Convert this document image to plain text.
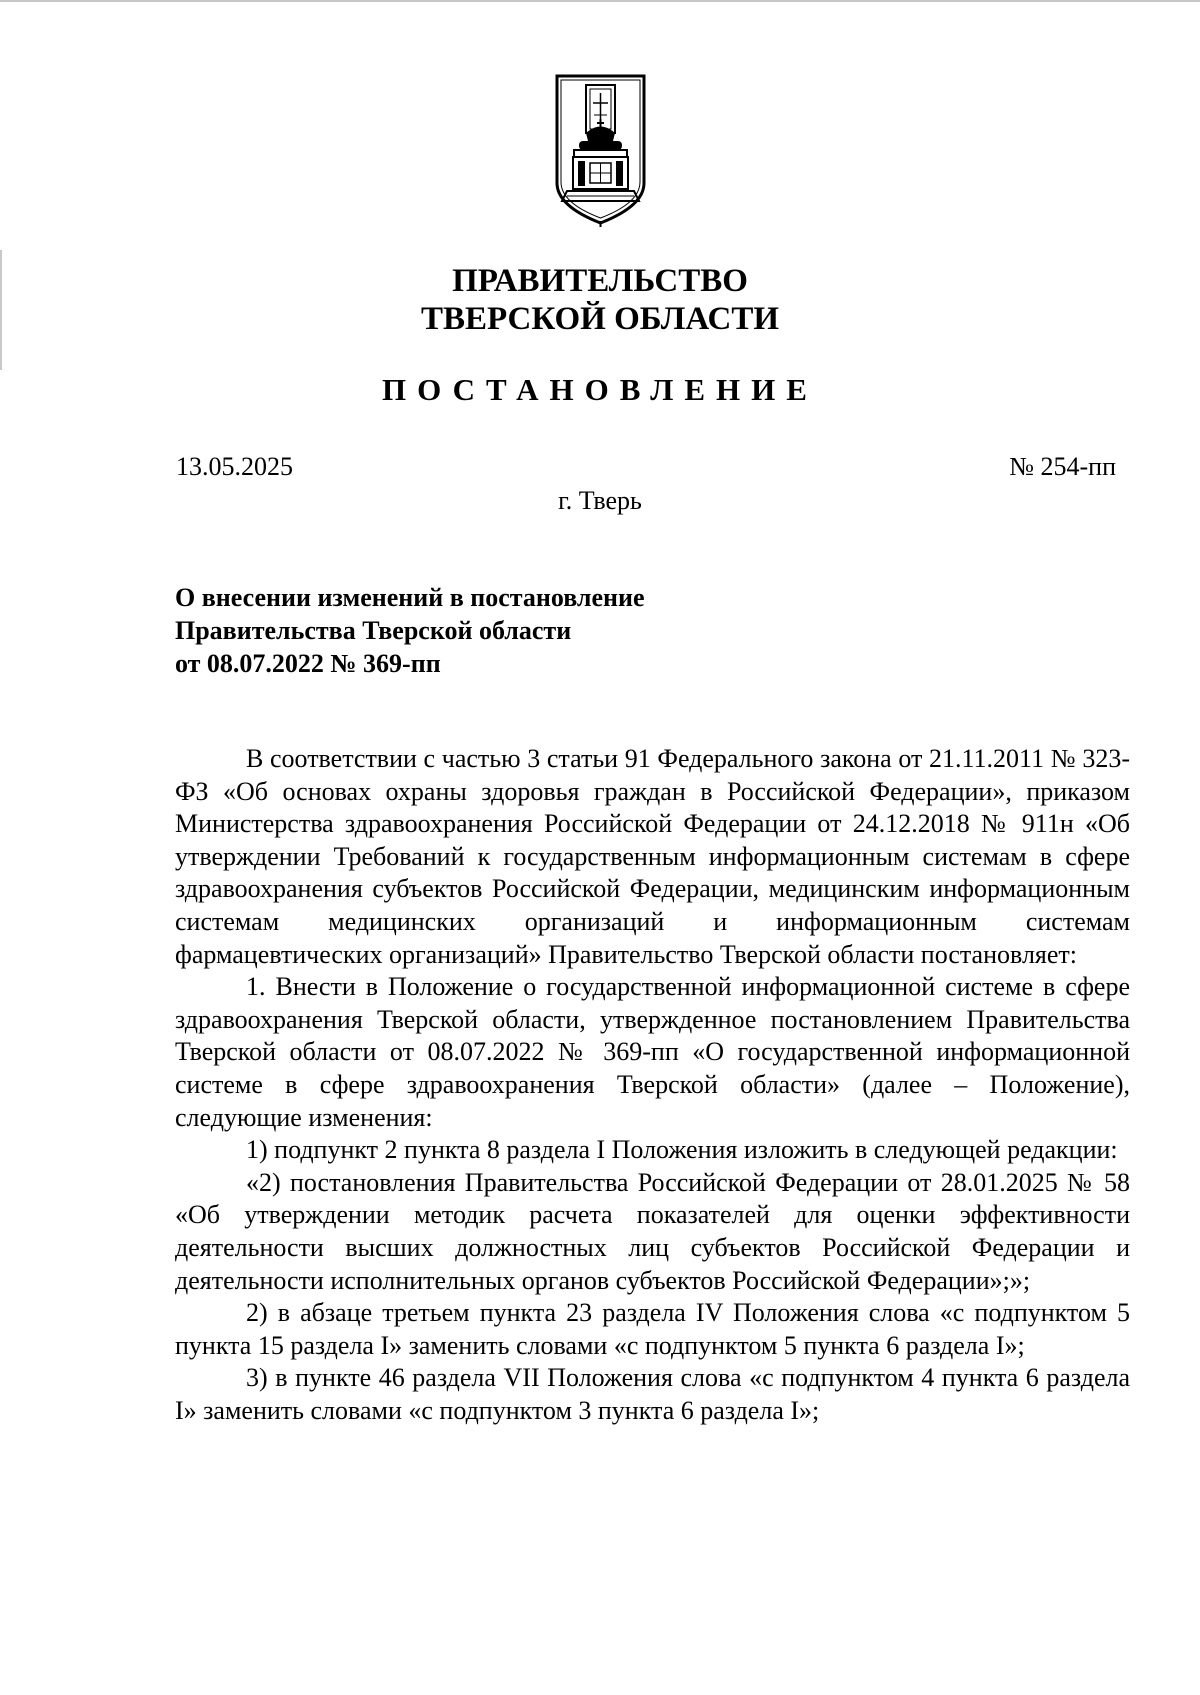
ПРАВИТЕЛЬСТВО
ТВЕРСКОЙ ОБЛАСТИ
ПОСТАНОВЛЕНИЕ

13.05.2025	№ 254-пп

г. Тверь

О внесении изменений в постановление
Правительства Тверской области
от 08.07.2022 № 369-пп

В соответствии с частью 3 статьи 91 Федерального закона от 21.11.2011 № 323-ФЗ «Об основах охраны здоровья граждан в Российской Федерации», приказом Министерства здравоохранения Российской Федерации от 24.12.2018 № 911н «Об утверждении Требований к государственным информационным системам в сфере здравоохранения субъектов Российской Федерации, медицинским информационным системам медицинских организаций и информационным системам фармацевтических организаций» Правительство Тверской области постановляет:

1. Внести в Положение о государственной информационной системе в сфере здравоохранения Тверской области, утвержденное постановлением Правительства Тверской области от 08.07.2022 № 369-пп «О государственной информационной системе в сфере здравоохранения Тверской области» (далее – Положение), следующие изменения:

1) подпункт 2 пункта 8 раздела I Положения изложить в следующей редакции:

«2) постановления Правительства Российской Федерации от 28.01.2025 № 58 «Об утверждении методик расчета показателей для оценки эффективности деятельности высших должностных лиц субъектов Российской Федерации и деятельности исполнительных органов субъектов Российской Федерации»;»;

2) в абзаце третьем пункта 23 раздела IV Положения слова «с подпунктом 5 пункта 15 раздела I» заменить словами «с подпунктом 5 пункта 6 раздела I»;

3) в пункте 46 раздела VII Положения слова «с подпунктом 4 пункта 6 раздела I» заменить словами «с подпунктом 3 пункта 6 раздела I»;
